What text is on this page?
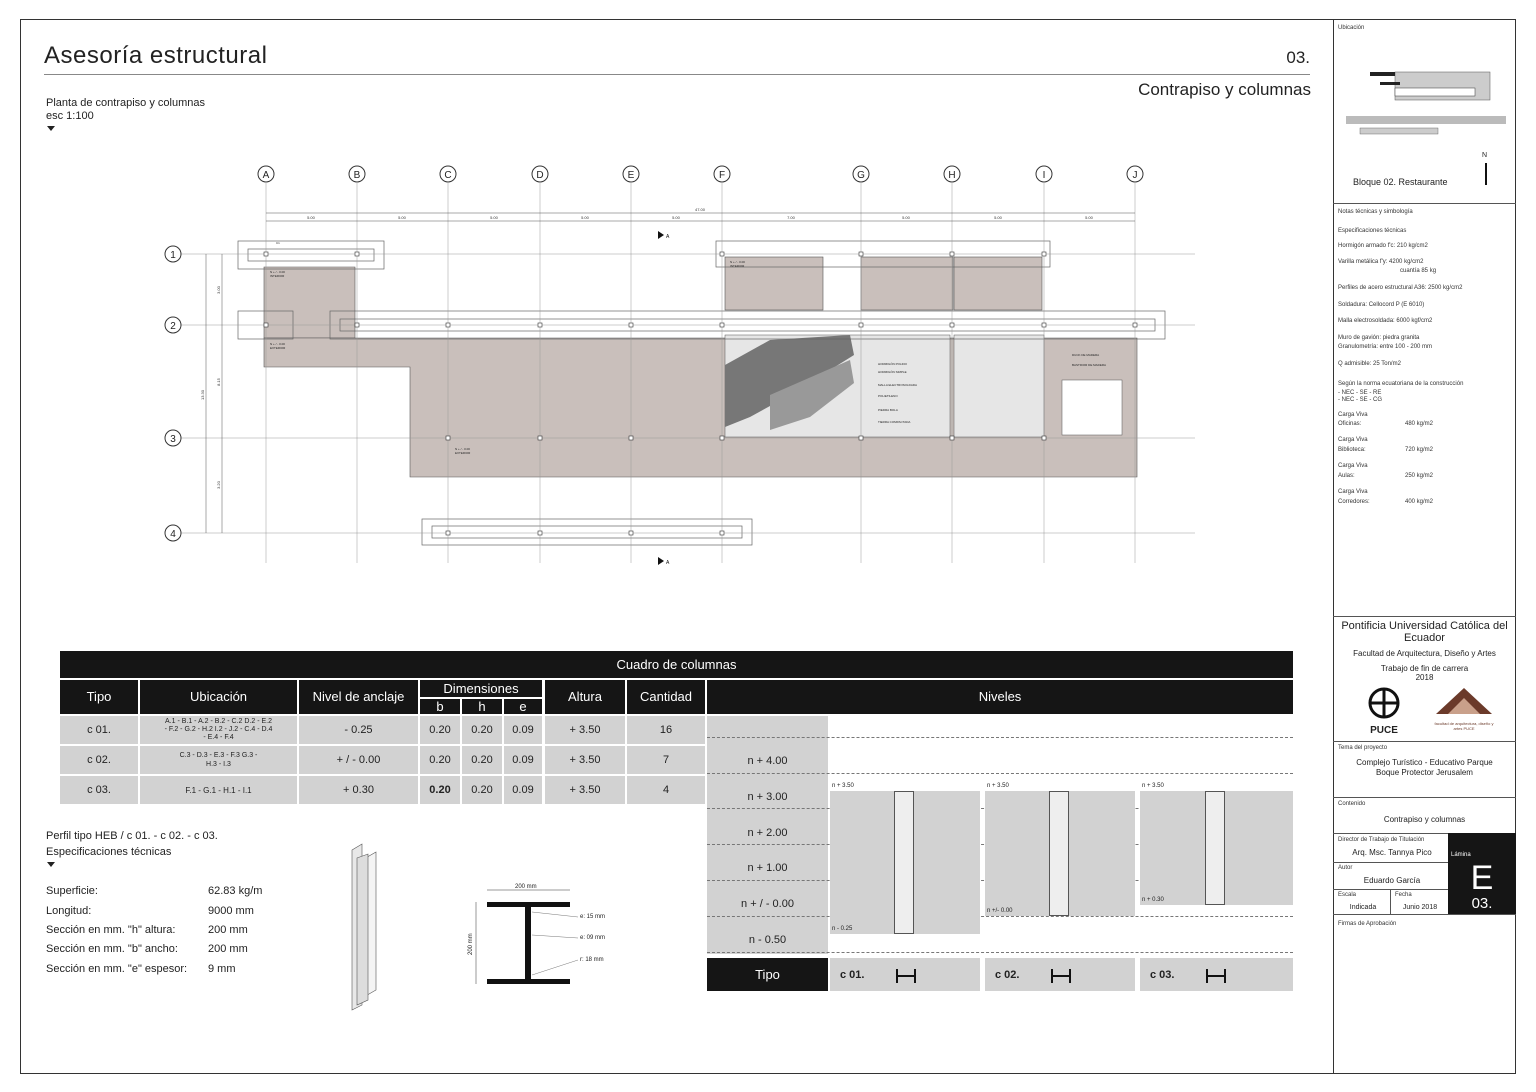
Asesoría estructural	03.
Contrapiso y columnas
Planta de contrapiso y columnas
esc 1:100
A	B	C	D	E	F	G	H	I	J
1
2
3
4
5.00	5.00	5.00	5.00	5.00	7.00	5.00	5.00	5.00
47.00
3.00
8.15
3.20
13.30
A
A
N + / - 0.00
INTERIOR
N + / - 0.00
EXTERIOR
N + / - 0.00
INTERIOR
N + / - 0.00
EXTERIOR
C1
HORMIGÓN POLIDO
HORMIGÓN SIMPLE
MALLA ELECTROSOLDADA
POLIETILENO
PIEDRA BOLA
TIERRA COMPACTADA
DUCK DE MADERA
BASTIDOR DE MADERA
Cuadro de columnas
Tipo	Ubicación	Nivel de anclaje
Dimensiones
b	h	e
Altura	Cantidad	Niveles
c 01.
A.1 - B.1 - A.2 - B.2 - C.2 D.2 - E.2 - F.2 - G.2 - H.2 I.2 - J.2 - C.4 - D.4 - E.4 - F.4
- 0.25	0.20	0.20	0.09	+ 3.50	16
c 02.	C.3 - D.3 - E.3 - F.3 G.3 - H.3 - I.3	+ / - 0.00	0.20	0.20	0.09	+ 3.50	7
c 03.	F.1 - G.1 - H.1 - I.1	+ 0.30	0.20	0.20	0.09	+ 3.50	4
n + 4.00
n + 3.00
n + 2.00
n + 1.00
n + / - 0.00
n - 0.50
n + 3.50
n - 0.25
n + 3.50
n +/- 0.00
n + 3.50
n + 0.30
Tipo	c 01.	c 02.	c 03.
Perfil tipo HEB / c 01. - c 02. - c 03.
Especificaciones técnicas
Superficie:	62.83 kg/m
Longitud:	9000 mm
Sección en mm. "h" altura:	200 mm
Sección en mm. "b" ancho:	200 mm
Sección en mm. "e" espesor: 9 mm
200 mm
200 mm
e: 15 mm
e: 09 mm
r: 18 mm
Ubicación
Bloque 02. Restaurante
N
Notas técnicas y simbología
Especificaciones técnicas
Hormigón armado f'c: 210 kg/cm2
Varilla metálica f'y: 4200 kg/cm2
cuantía 85 kg
Perfiles de acero estructural A36: 2500 kg/cm2
Soldadura: Cellocord P (E 6010)
Malla electrosoldada: 6000 kgf/cm2
Muro de gavión: piedra granita
Granulometría: entre 100 - 200 mm
Q admisible: 25 Ton/m2
Según la norma ecuatoriana de la construcción
- NEC - SE - RE
- NEC - SE - CG
Carga Viva
Oficinas:	480 kg/m2
Carga Viva
Biblioteca:	720 kg/m2
Carga Viva
Aulas:	250 kg/m2
Carga Viva
Corredores:	400 kg/m2
Pontificia Universidad Católica del Ecuador
Facultad de Arquitectura, Diseño y Artes
Trabajo de fin de carrera
2018
PUCE
facultad de arquitectura, diseño y artes PUCE
Tema del proyecto
Complejo Turístico - Educativo Parque Boque Protector Jerusalem
Contenido
Contrapiso y columnas
Director de Trabajo de Titulación
Arq. Msc. Tannya Pico	Lámina
E
03.
Autor
Eduardo García
Escala
Indicada
Fecha
Junio 2018
Firmas de Aprobación
